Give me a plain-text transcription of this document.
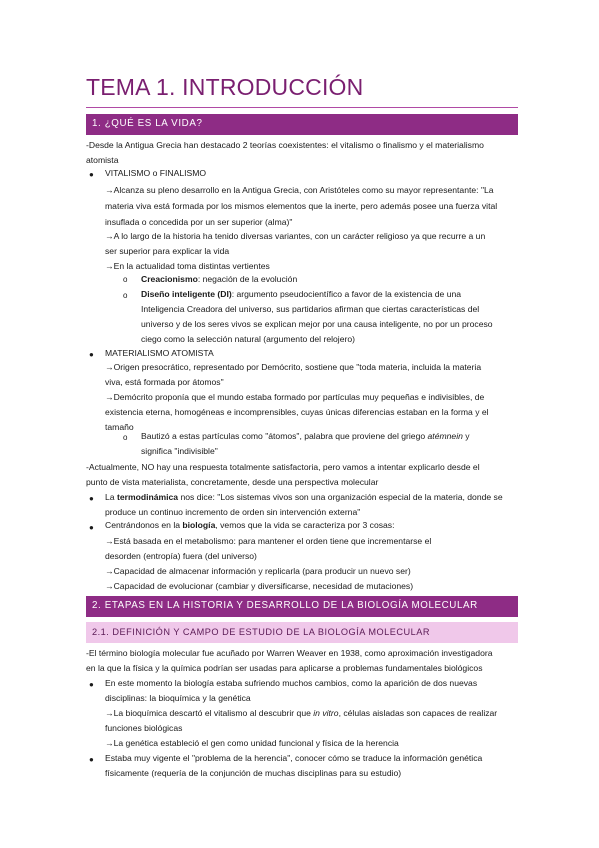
TEMA 1. INTRODUCCIÓN
1. ¿QUÉ ES LA VIDA?
-Desde la Antigua Grecia han destacado 2 teorías coexistentes: el vitalismo o finalismo y el materialismo
atomista
● VITALISMO o FINALISMO
→Alcanza su pleno desarrollo en la Antigua Grecia, con Aristóteles como su mayor representante: "La
materia viva está formada por los mismos elementos que la inerte, pero además posee una fuerza vital
insuflada o concedida por un ser superior (alma)"
→A lo largo de la historia ha tenido diversas variantes, con un carácter religioso ya que recurre a un
ser superior para explicar la vida
→En la actualidad toma distintas vertientes
o Creacionismo: negación de la evolución
o Diseño inteligente (DI): argumento pseudocientífico a favor de la existencia de una
Inteligencia Creadora del universo, sus partidarios afirman que ciertas características del
universo y de los seres vivos se explican mejor por una causa inteligente, no por un proceso
ciego como la selección natural (argumento del relojero)
● MATERIALISMO ATOMISTA
→Origen presocrático, representado por Demócrito, sostiene que "toda materia, incluida la materia
viva, está formada por átomos"
→Demócrito proponía que el mundo estaba formado por partículas muy pequeñas e indivisibles, de
existencia eterna, homogéneas e incomprensibles, cuyas únicas diferencias estaban en la forma y el
tamaño
o Bautizó a estas partículas como "átomos", palabra que proviene del griego atémnein y
significa "indivisible"
-Actualmente, NO hay una respuesta totalmente satisfactoria, pero vamos a intentar explicarlo desde el
punto de vista materialista, concretamente, desde una perspectiva molecular
● La termodinámica nos dice: "Los sistemas vivos son una organización especial de la materia, donde se
produce un continuo incremento de orden sin intervención externa"
● Centrándonos en la biología, vemos que la vida se caracteriza por 3 cosas:
→Está basada en el metabolismo: para mantener el orden tiene que incrementarse el
desorden (entropía) fuera (del universo)
→Capacidad de almacenar información y replicarla (para producir un nuevo ser)
→Capacidad de evolucionar (cambiar y diversificarse, necesidad de mutaciones)
2. ETAPAS EN LA HISTORIA Y DESARROLLO DE LA BIOLOGÍA MOLECULAR
2.1. DEFINICIÓN Y CAMPO DE ESTUDIO DE LA BIOLOGÍA MOLECULAR
-El término biología molecular fue acuñado por Warren Weaver en 1938, como aproximación investigadora
en la que la física y la química podrían ser usadas para aplicarse a problemas fundamentales biológicos
● En este momento la biología estaba sufriendo muchos cambios, como la aparición de dos nuevas
disciplinas: la bioquímica y la genética
→La bioquímica descartó el vitalismo al descubrir que in vitro, células aisladas son capaces de realizar
funciones biológicas
→La genética estableció el gen como unidad funcional y física de la herencia
● Estaba muy vigente el "problema de la herencia", conocer cómo se traduce la información genética
físicamente (requería de la conjunción de muchas disciplinas para su estudio)
